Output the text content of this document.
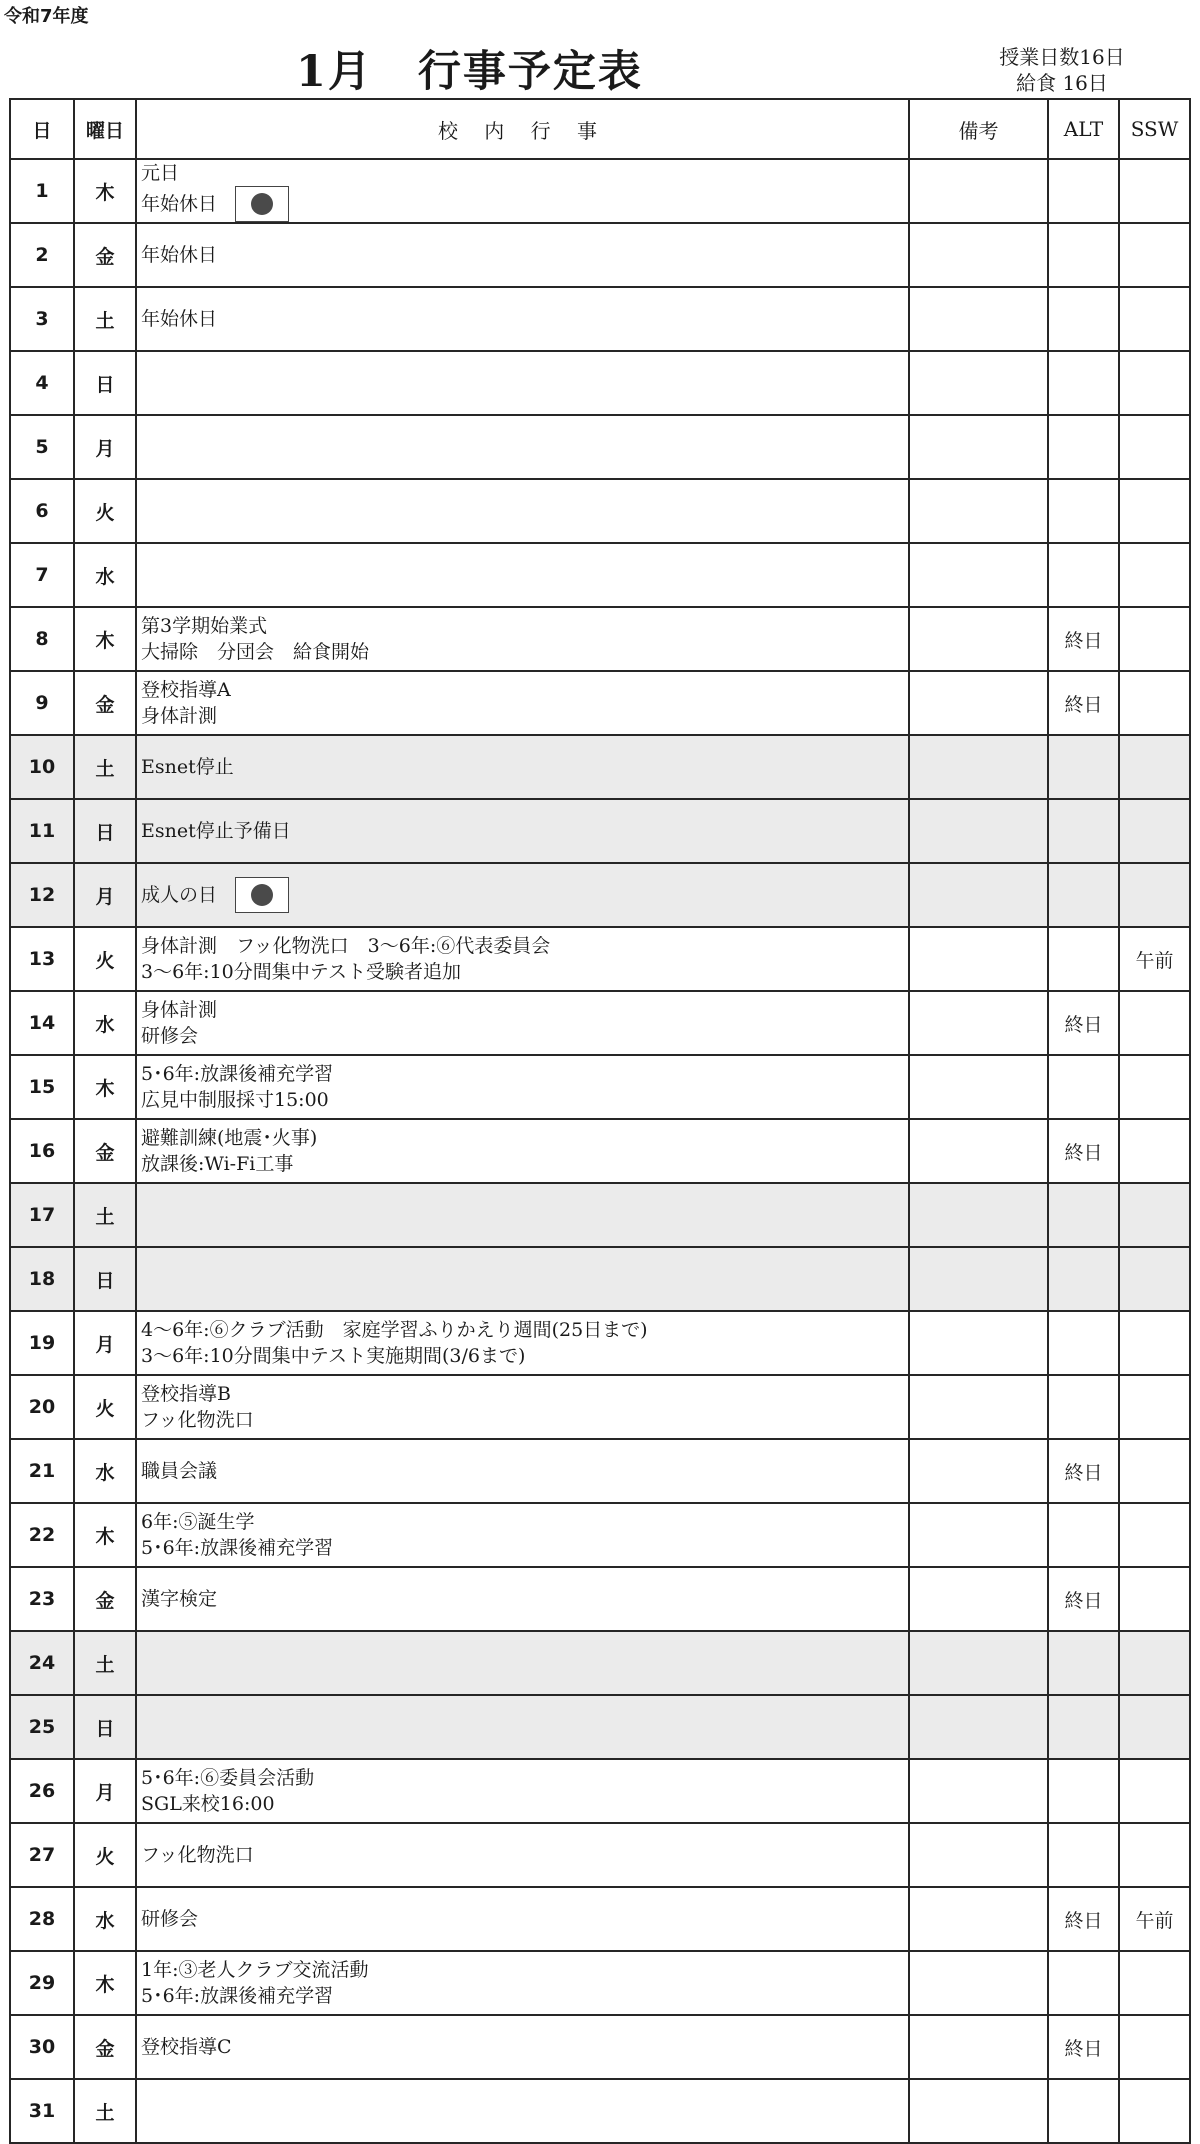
令和7年度
1月　行事予定表	授業日数16日
給食 16日
日	曜日	校 内 行 事	備考	ALT	SSW
1	木	元日
年始休日			

2	金	年始休日			

3	土	年始休日			

4	日				
5	月				
6	火				
7	水				
8	木	第3学期始業式
大掃除　分団会　給食開始		終日	
9	金	登校指導A
身体計測		終日	
10	土	Esnet停止			

11	日	Esnet停止予備日			

12	月	成人の日			

13	火	身体計測　フッ化物洗口　3～6年:⑥代表委員会
3～6年:10分間集中テスト受験者追加			午前
14	水	身体計測
研修会		終日	
15	木	5･6年:放課後補充学習
広見中制服採寸15:00			

16	金	避難訓練(地震･火事)
放課後:Wi-Fi工事		終日	
17	土				
18	日				
19	月	4～6年:⑥クラブ活動　家庭学習ふりかえり週間(25日まで)
3～6年:10分間集中テスト実施期間(3/6まで)			

20	火	登校指導B
フッ化物洗口			

21	水	職員会議		終日	
22	木	6年:⑤誕生学
5･6年:放課後補充学習			

23	金	漢字検定		終日	
24	土				
25	日				
26	月	5･6年:⑥委員会活動
SGL来校16:00			

27	火	フッ化物洗口			

28	水	研修会		終日	午前
29	木	1年:③老人クラブ交流活動
5･6年:放課後補充学習			

30	金	登校指導C		終日	
31	土				
